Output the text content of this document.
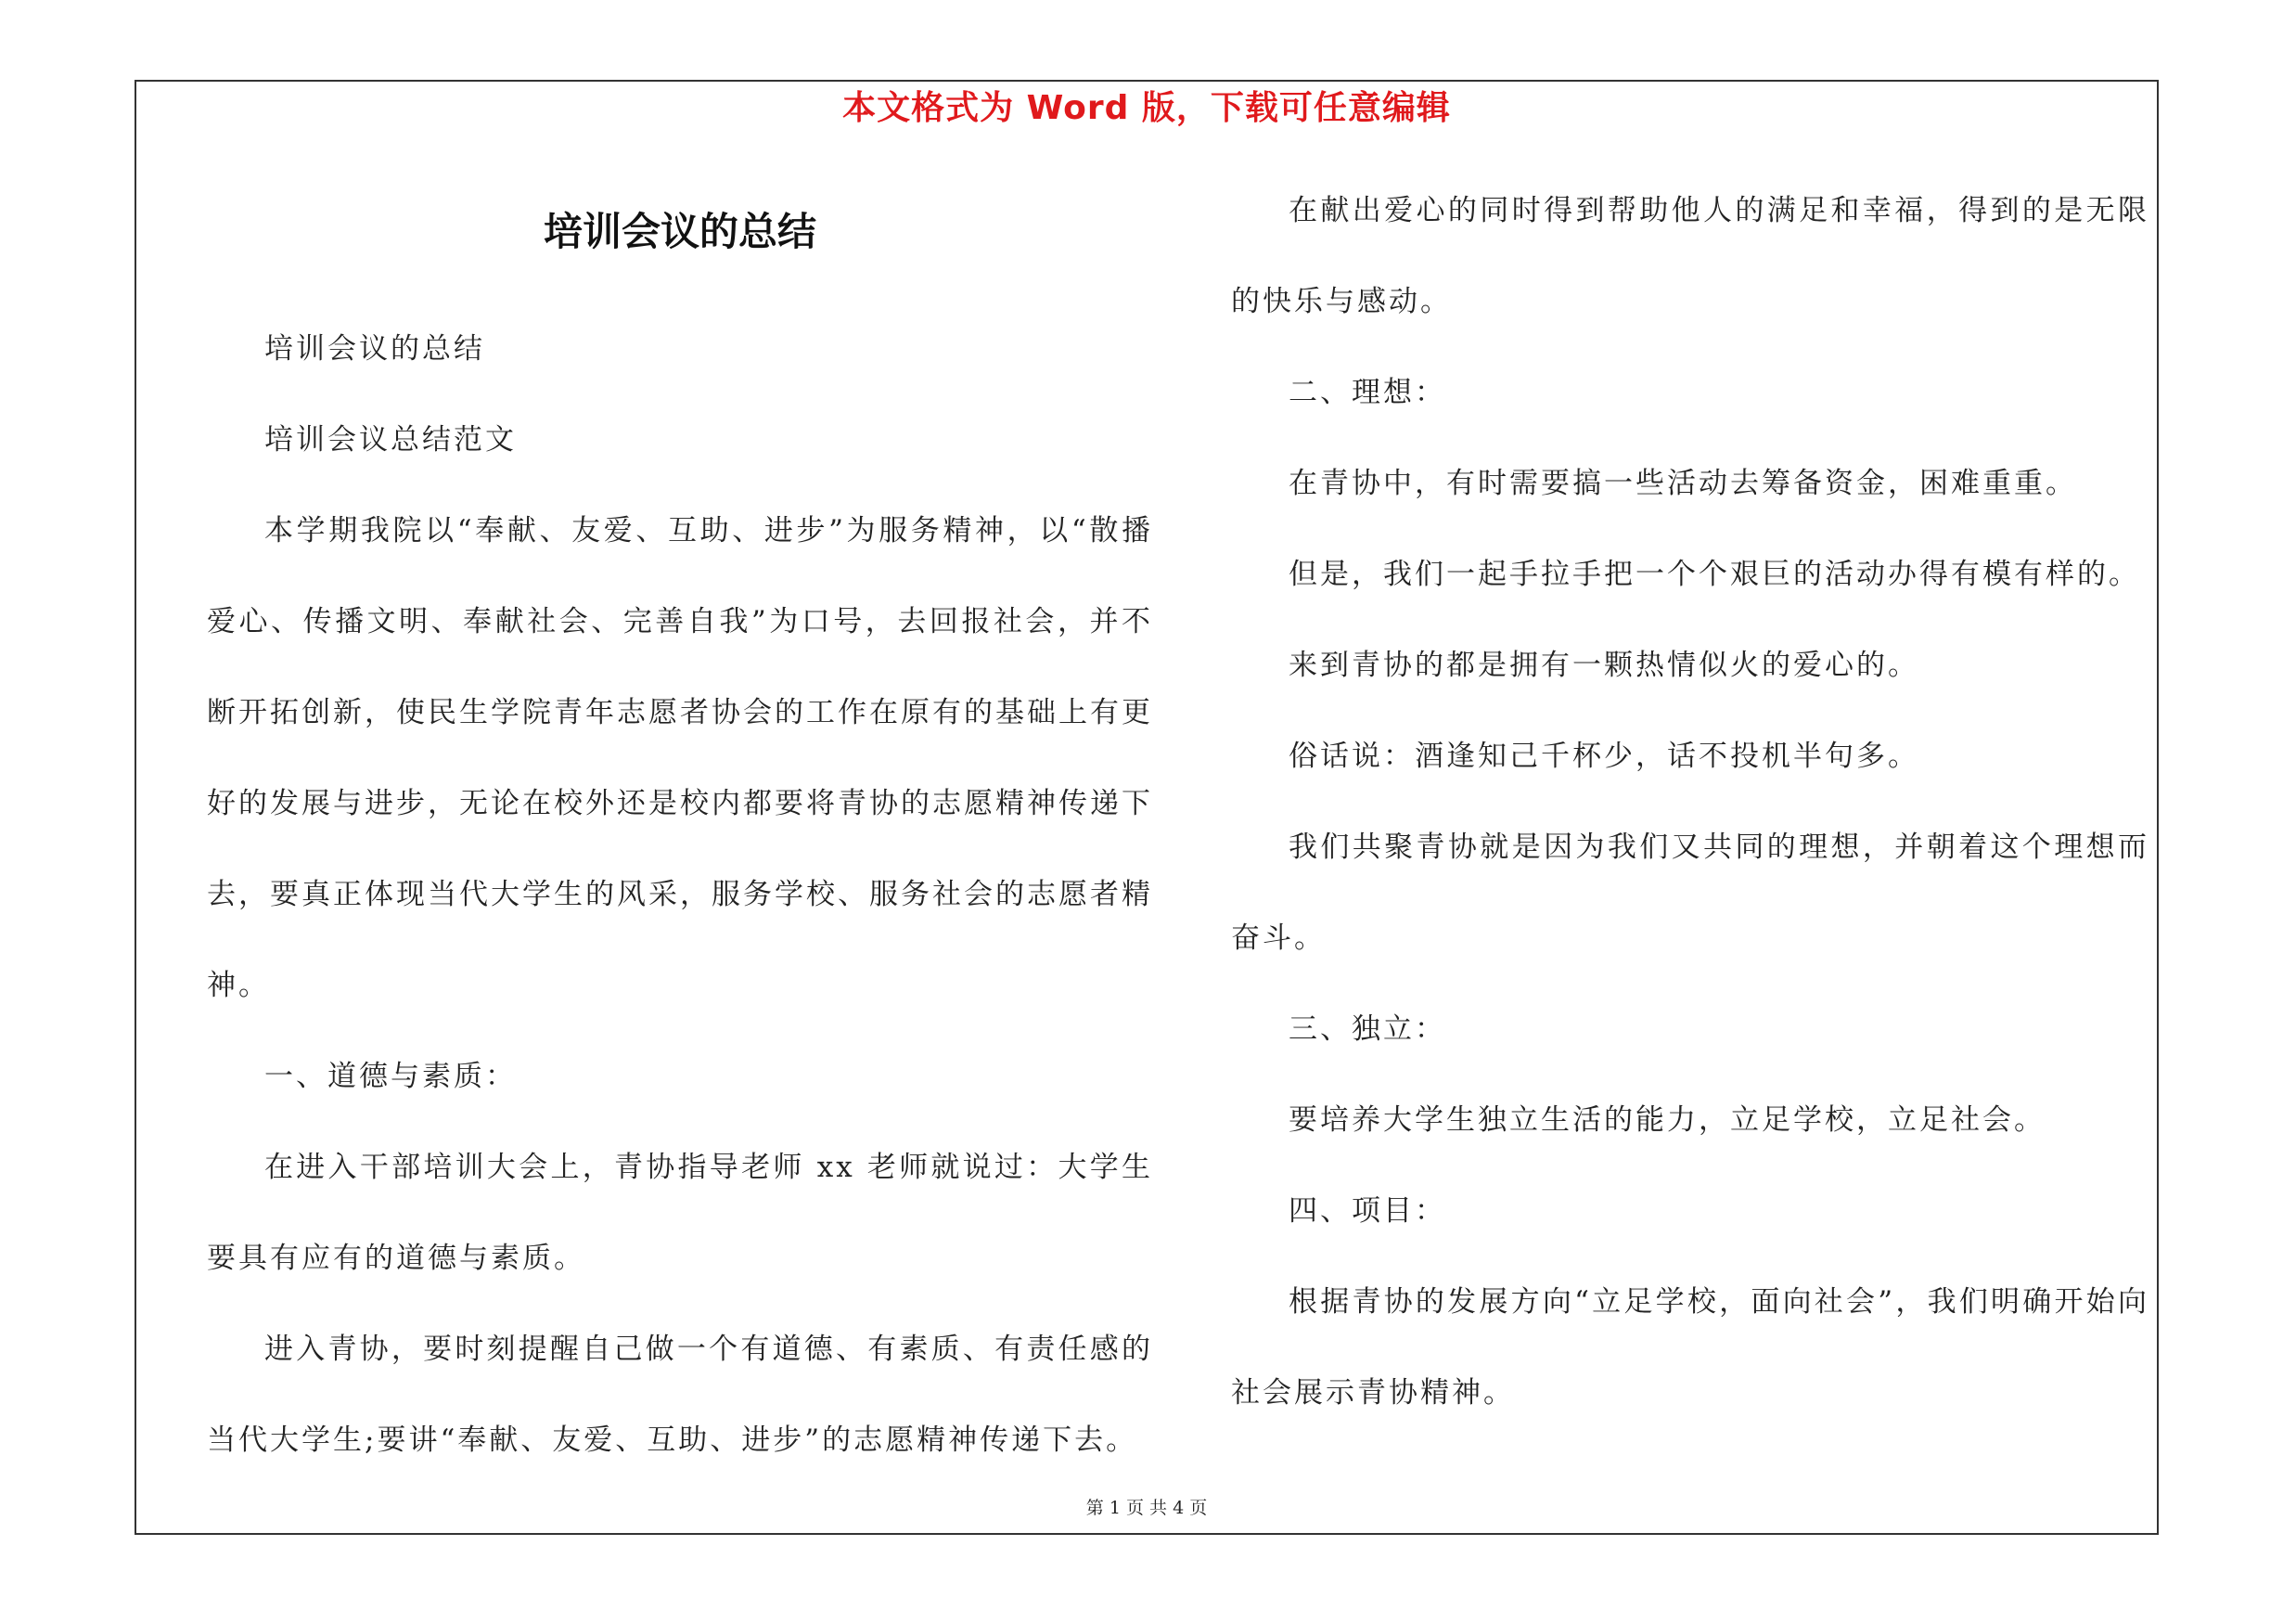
本文格式为 Word 版，下载可任意编辑
培训会议的总结

培训会议的总结

培训会议总结范文

本学期我院以“奉献、友爱、互助、进步”为服务精神，以“散播爱心、传播文明、奉献社会、完善自我”为口号，去回报社会，并不断开拓创新，使民生学院青年志愿者协会的工作在原有的基础上有更好的发展与进步，无论在校外还是校内都要将青协的志愿精神传递下去，要真正体现当代大学生的风采，服务学校、服务社会的志愿者精神。

一、道德与素质：

在进入干部培训大会上，青协指导老师 xx 老师就说过：大学生要具有应有的道德与素质。

进入青协，要时刻提醒自己做一个有道德、有素质、有责任感的当代大学生;要讲“奉献、友爱、互助、进步”的志愿精神传递下去。

在献出爱心的同时得到帮助他人的满足和幸福，得到的是无限的快乐与感动。

二、理想：

在青协中，有时需要搞一些活动去筹备资金，困难重重。

但是，我们一起手拉手把一个个艰巨的活动办得有模有样的。

来到青协的都是拥有一颗热情似火的爱心的。

俗话说：酒逢知己千杯少，话不投机半句多。

我们共聚青协就是因为我们又共同的理想，并朝着这个理想而奋斗。

三、独立：

要培养大学生独立生活的能力，立足学校，立足社会。

四、项目：

根据青协的发展方向“立足学校，面向社会”，我们明确开始向社会展示青协精神。

第 1 页 共 4 页
